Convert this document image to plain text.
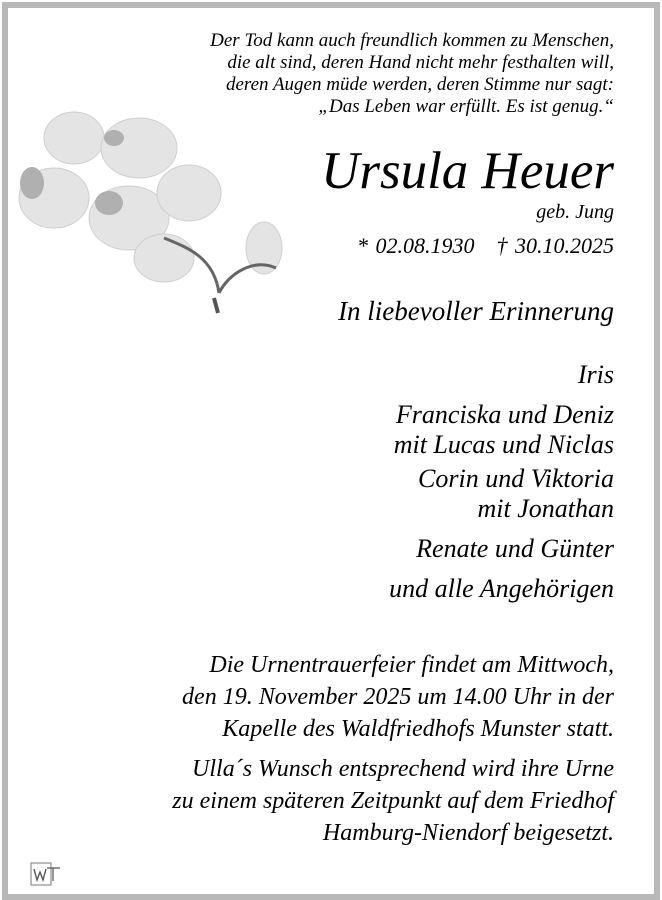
Der Tod kann auch freundlich kommen zu Menschen,
die alt sind, deren Hand nicht mehr festhalten will,
deren Augen müde werden, deren Stimme nur sagt:
„Das Leben war erfüllt. Es ist genug.“
Ursula Heuer
geb. Jung
* 02.08.1930 † 30.10.2025
In liebevoller Erinnerung
Iris
Franciska und Deniz
mit Lucas und Niclas
Corin und Viktoria
mit Jonathan
Renate und Günter
und alle Angehörigen

Die Urnentrauerfeier findet am Mittwoch,
den 19. November 2025 um 14.00 Uhr in der
Kapelle des Waldfriedhofs Munster statt.

Ulla´s Wunsch entsprechend wird ihre Urne
zu einem späteren Zeitpunkt auf dem Friedhof
Hamburg-Niendorf beigesetzt.
